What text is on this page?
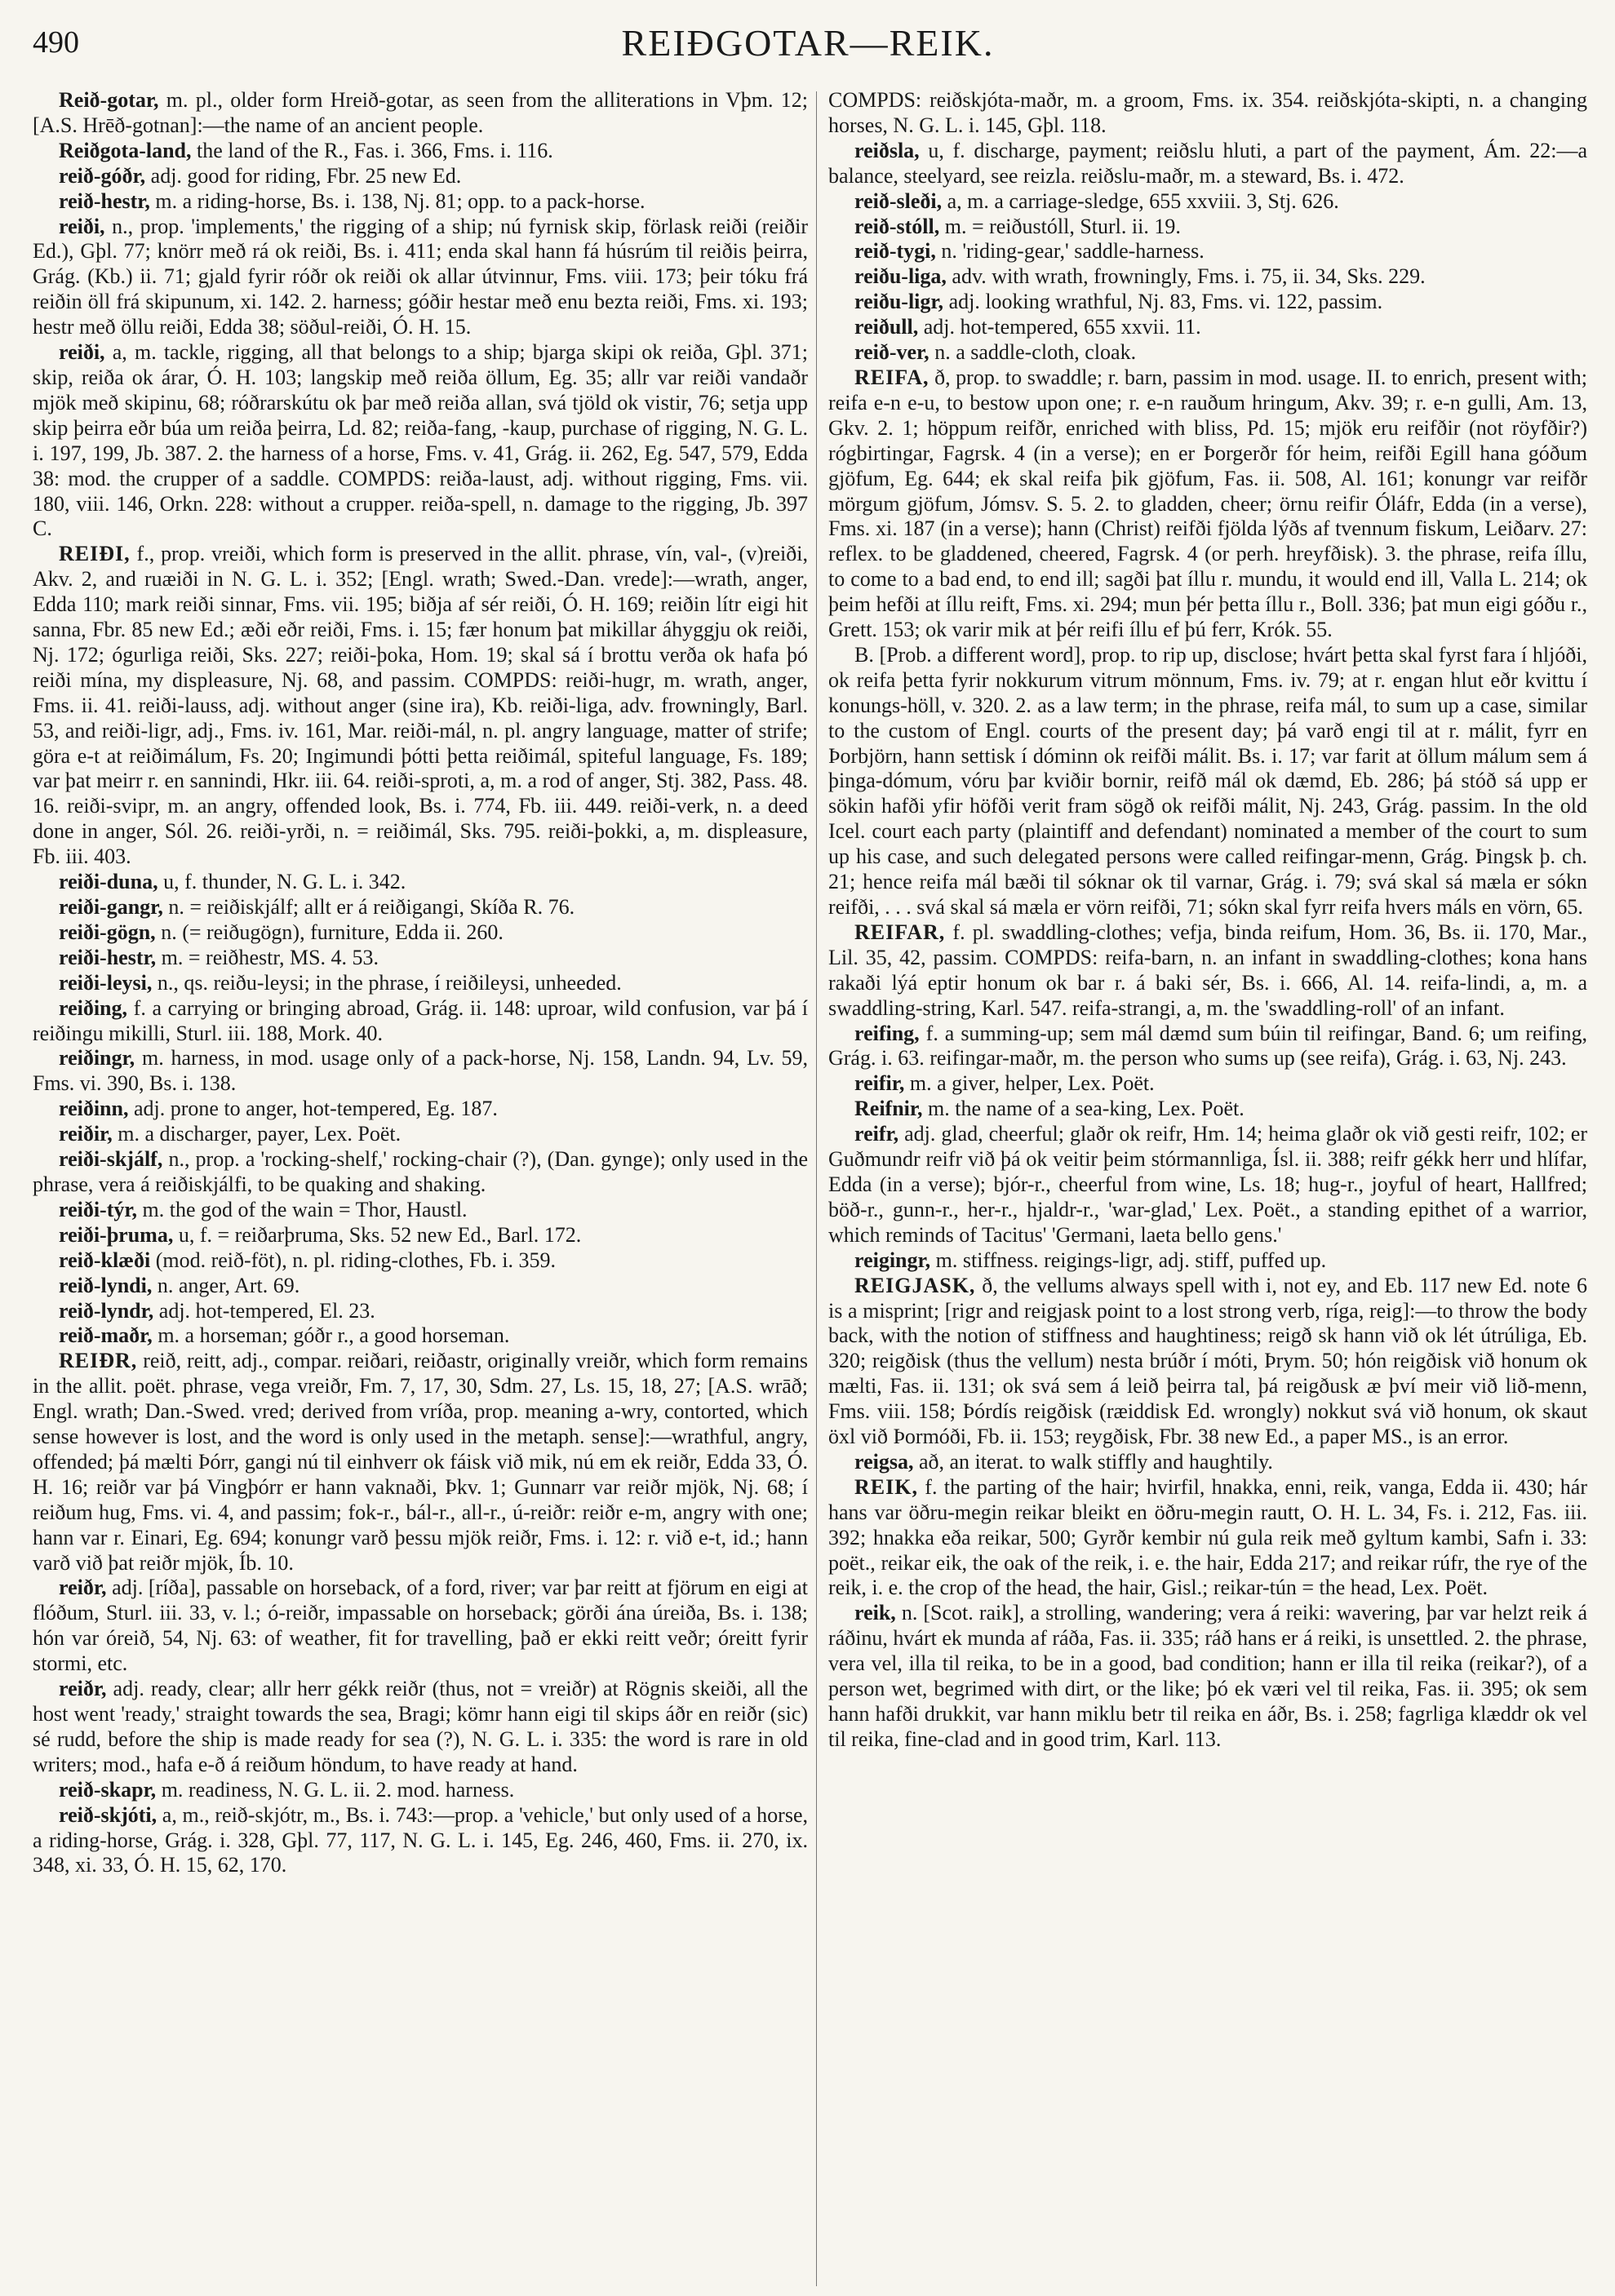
490	REIÐGOTAR—REIK.

Reið-gotar, m. pl., older form Hreið-gotar, as seen from the alliterations in Vþm. 12; [A.S. Hrēð-gotnan]:—the name of an ancient people.

Reiðgota-land, the land of the R., Fas. i. 366, Fms. i. 116.

reið-góðr, adj. good for riding, Fbr. 25 new Ed.

reið-hestr, m. a riding-horse, Bs. i. 138, Nj. 81; opp. to a pack-horse.

reiði, n., prop. 'implements,' the rigging of a ship; nú fyrnisk skip, förlask reiði (reiðir Ed.), Gþl. 77; knörr með rá ok reiði, Bs. i. 411; enda skal hann fá húsrúm til reiðis þeirra, Grág. (Kb.) ii. 71; gjald fyrir róðr ok reiði ok allar útvinnur, Fms. viii. 173; þeir tóku frá reiðin öll frá skipunum, xi. 142. 2. harness; góðir hestar með enu bezta reiði, Fms. xi. 193; hestr með öllu reiði, Edda 38; söðul-reiði, Ó. H. 15.

reiði, a, m. tackle, rigging, all that belongs to a ship; bjarga skipi ok reiða, Gþl. 371; skip, reiða ok árar, Ó. H. 103; langskip með reiða öllum, Eg. 35; allr var reiði vandaðr mjök með skipinu, 68; róðrarskútu ok þar með reiða allan, svá tjöld ok vistir, 76; setja upp skip þeirra eðr búa um reiða þeirra, Ld. 82; reiða-fang, -kaup, purchase of rigging, N. G. L. i. 197, 199, Jb. 387. 2. the harness of a horse, Fms. v. 41, Grág. ii. 262, Eg. 547, 579, Edda 38: mod. the crupper of a saddle. COMPDS: reiða-laust, adj. without rigging, Fms. vii. 180, viii. 146, Orkn. 228: without a crupper. reiða-spell, n. damage to the rigging, Jb. 397 C.

REIÐI, f., prop. vreiði, which form is preserved in the allit. phrase, vín, val-, (v)reiði, Akv. 2, and ruæiði in N. G. L. i. 352; [Engl. wrath; Swed.-Dan. vrede]:—wrath, anger, Edda 110; mark reiði sinnar, Fms. vii. 195; biðja af sér reiði, Ó. H. 169; reiðin lítr eigi hit sanna, Fbr. 85 new Ed.; æði eðr reiði, Fms. i. 15; fær honum þat mikillar áhyggju ok reiði, Nj. 172; ógurliga reiði, Sks. 227; reiði-þoka, Hom. 19; skal sá í brottu verða ok hafa þó reiði mína, my displeasure, Nj. 68, and passim. COMPDS: reiði-hugr, m. wrath, anger, Fms. ii. 41. reiði-lauss, adj. without anger (sine ira), Kb. reiði-liga, adv. frowningly, Barl. 53, and reiði-ligr, adj., Fms. iv. 161, Mar. reiði-mál, n. pl. angry language, matter of strife; göra e-t at reiðimálum, Fs. 20; Ingimundi þótti þetta reiðimál, spiteful language, Fs. 189; var þat meirr r. en sannindi, Hkr. iii. 64. reiði-sproti, a, m. a rod of anger, Stj. 382, Pass. 48. 16. reiði-svipr, m. an angry, offended look, Bs. i. 774, Fb. iii. 449. reiði-verk, n. a deed done in anger, Sól. 26. reiði-yrði, n. = reiðimál, Sks. 795. reiði-þokki, a, m. displeasure, Fb. iii. 403.

reiði-duna, u, f. thunder, N. G. L. i. 342.

reiði-gangr, n. = reiðiskjálf; allt er á reiðigangi, Skíða R. 76.

reiði-gögn, n. (= reiðugögn), furniture, Edda ii. 260.

reiði-hestr, m. = reiðhestr, MS. 4. 53.

reiði-leysi, n., qs. reiðu-leysi; in the phrase, í reiðileysi, unheeded.

reiðing, f. a carrying or bringing abroad, Grág. ii. 148: uproar, wild confusion, var þá í reiðingu mikilli, Sturl. iii. 188, Mork. 40.

reiðingr, m. harness, in mod. usage only of a pack-horse, Nj. 158, Landn. 94, Lv. 59, Fms. vi. 390, Bs. i. 138.

reiðinn, adj. prone to anger, hot-tempered, Eg. 187.

reiðir, m. a discharger, payer, Lex. Poët.

reiði-skjálf, n., prop. a 'rocking-shelf,' rocking-chair (?), (Dan. gynge); only used in the phrase, vera á reiðiskjálfi, to be quaking and shaking.

reiði-týr, m. the god of the wain = Thor, Haustl.

reiði-þruma, u, f. = reiðarþruma, Sks. 52 new Ed., Barl. 172.

reið-klæði (mod. reið-föt), n. pl. riding-clothes, Fb. i. 359.

reið-lyndi, n. anger, Art. 69.

reið-lyndr, adj. hot-tempered, El. 23.

reið-maðr, m. a horseman; góðr r., a good horseman.

REIÐR, reið, reitt, adj., compar. reiðari, reiðastr, originally vreiðr, which form remains in the allit. poët. phrase, vega vreiðr, Fm. 7, 17, 30, Sdm. 27, Ls. 15, 18, 27; [A.S. wrāð; Engl. wrath; Dan.-Swed. vred; derived from vríða, prop. meaning a-wry, contorted, which sense however is lost, and the word is only used in the metaph. sense]:—wrathful, angry, offended; þá mælti Þórr, gangi nú til einhverr ok fáisk við mik, nú em ek reiðr, Edda 33, Ó. H. 16; reiðr var þá Vingþórr er hann vaknaði, Þkv. 1; Gunnarr var reiðr mjök, Nj. 68; í reiðum hug, Fms. vi. 4, and passim; fok-r., bál-r., all-r., ú-reiðr: reiðr e-m, angry with one; hann var r. Einari, Eg. 694; konungr varð þessu mjök reiðr, Fms. i. 12: r. við e-t, id.; hann varð við þat reiðr mjök, Íb. 10.

reiðr, adj. [ríða], passable on horseback, of a ford, river; var þar reitt at fjörum en eigi at flóðum, Sturl. iii. 33, v. l.; ó-reiðr, impassable on horseback; görði ána úreiða, Bs. i. 138; hón var óreið, 54, Nj. 63: of weather, fit for travelling, það er ekki reitt veðr; óreitt fyrir stormi, etc.

reiðr, adj. ready, clear; allr herr gékk reiðr (thus, not = vreiðr) at Rögnis skeiði, all the host went 'ready,' straight towards the sea, Bragi; kömr hann eigi til skips áðr en reiðr (sic) sé rudd, before the ship is made ready for sea (?), N. G. L. i. 335: the word is rare in old writers; mod., hafa e-ð á reiðum höndum, to have ready at hand.

reið-skapr, m. readiness, N. G. L. ii. 2. mod. harness.

reið-skjóti, a, m., reið-skjótr, m., Bs. i. 743:—prop. a 'vehicle,' but only used of a horse, a riding-horse, Grág. i. 328, Gþl. 77, 117, N. G. L. i. 145, Eg. 246, 460, Fms. ii. 270, ix. 348, xi. 33, Ó. H. 15, 62, 170.

COMPDS: reiðskjóta-maðr, m. a groom, Fms. ix. 354. reiðskjóta-skipti, n. a changing horses, N. G. L. i. 145, Gþl. 118.

reiðsla, u, f. discharge, payment; reiðslu hluti, a part of the payment, Ám. 22:—a balance, steelyard, see reizla. reiðslu-maðr, m. a steward, Bs. i. 472.

reið-sleði, a, m. a carriage-sledge, 655 xxviii. 3, Stj. 626.

reið-stóll, m. = reiðustóll, Sturl. ii. 19.

reið-tygi, n. 'riding-gear,' saddle-harness.

reiðu-liga, adv. with wrath, frowningly, Fms. i. 75, ii. 34, Sks. 229.

reiðu-ligr, adj. looking wrathful, Nj. 83, Fms. vi. 122, passim.

reiðull, adj. hot-tempered, 655 xxvii. 11.

reið-ver, n. a saddle-cloth, cloak.

REIFA, ð, prop. to swaddle; r. barn, passim in mod. usage. II. to enrich, present with; reifa e-n e-u, to bestow upon one; r. e-n rauðum hringum, Akv. 39; r. e-n gulli, Am. 13, Gkv. 2. 1; höppum reifðr, enriched with bliss, Pd. 15; mjök eru reifðir (not röyfðir?) rógbirtingar, Fagrsk. 4 (in a verse); en er Þorgerðr fór heim, reifði Egill hana góðum gjöfum, Eg. 644; ek skal reifa þik gjöfum, Fas. ii. 508, Al. 161; konungr var reifðr mörgum gjöfum, Jómsv. S. 5. 2. to gladden, cheer; örnu reifir Óláfr, Edda (in a verse), Fms. xi. 187 (in a verse); hann (Christ) reifði fjölda lýðs af tvennum fiskum, Leiðarv. 27: reflex. to be gladdened, cheered, Fagrsk. 4 (or perh. hreyfðisk). 3. the phrase, reifa íllu, to come to a bad end, to end ill; sagði þat íllu r. mundu, it would end ill, Valla L. 214; ok þeim hefði at íllu reift, Fms. xi. 294; mun þér þetta íllu r., Boll. 336; þat mun eigi góðu r., Grett. 153; ok varir mik at þér reifi íllu ef þú ferr, Krók. 55.

B. [Prob. a different word], prop. to rip up, disclose; hvárt þetta skal fyrst fara í hljóði, ok reifa þetta fyrir nokkurum vitrum mönnum, Fms. iv. 79; at r. engan hlut eðr kvittu í konungs-höll, v. 320. 2. as a law term; in the phrase, reifa mál, to sum up a case, similar to the custom of Engl. courts of the present day; þá varð engi til at r. málit, fyrr en Þorbjörn, hann settisk í dóminn ok reifði málit. Bs. i. 17; var farit at öllum málum sem á þinga-dómum, vóru þar kviðir bornir, reifð mál ok dæmd, Eb. 286; þá stóð sá upp er sökin hafði yfir höfði verit fram sögð ok reifði málit, Nj. 243, Grág. passim. In the old Icel. court each party (plaintiff and defendant) nominated a member of the court to sum up his case, and such delegated persons were called reifingar-menn, Grág. Þingsk þ. ch. 21; hence reifa mál bæði til sóknar ok til varnar, Grág. i. 79; svá skal sá mæla er sókn reifði, . . . svá skal sá mæla er vörn reifði, 71; sókn skal fyrr reifa hvers máls en vörn, 65.

REIFAR, f. pl. swaddling-clothes; vefja, binda reifum, Hom. 36, Bs. ii. 170, Mar., Lil. 35, 42, passim. COMPDS: reifa-barn, n. an infant in swaddling-clothes; kona hans rakaði lýá eptir honum ok bar r. á baki sér, Bs. i. 666, Al. 14. reifa-lindi, a, m. a swaddling-string, Karl. 547. reifa-strangi, a, m. the 'swaddling-roll' of an infant.

reifing, f. a summing-up; sem mál dæmd sum búin til reifingar, Band. 6; um reifing, Grág. i. 63. reifingar-maðr, m. the person who sums up (see reifa), Grág. i. 63, Nj. 243.

reifir, m. a giver, helper, Lex. Poët.

Reifnir, m. the name of a sea-king, Lex. Poët.

reifr, adj. glad, cheerful; glaðr ok reifr, Hm. 14; heima glaðr ok við gesti reifr, 102; er Guðmundr reifr við þá ok veitir þeim stórmannliga, Ísl. ii. 388; reifr gékk herr und hlífar, Edda (in a verse); bjór-r., cheerful from wine, Ls. 18; hug-r., joyful of heart, Hallfred; böð-r., gunn-r., her-r., hjaldr-r., 'war-glad,' Lex. Poët., a standing epithet of a warrior, which reminds of Tacitus' 'Germani, laeta bello gens.'

reigingr, m. stiffness. reigings-ligr, adj. stiff, puffed up.

REIGJASK, ð, the vellums always spell with i, not ey, and Eb. 117 new Ed. note 6 is a misprint; [rigr and reigjask point to a lost strong verb, ríga, reig]:—to throw the body back, with the notion of stiffness and haughtiness; reigð sk hann við ok lét útrúliga, Eb. 320; reigðisk (thus the vellum) nesta brúðr í móti, Þrym. 50; hón reigðisk við honum ok mælti, Fas. ii. 131; ok svá sem á leið þeirra tal, þá reigðusk æ því meir við lið-menn, Fms. viii. 158; Þórdís reigðisk (ræiddisk Ed. wrongly) nokkut svá við honum, ok skaut öxl við Þormóði, Fb. ii. 153; reygðisk, Fbr. 38 new Ed., a paper MS., is an error.

reigsa, að, an iterat. to walk stiffly and haughtily.

REIK, f. the parting of the hair; hvirfil, hnakka, enni, reik, vanga, Edda ii. 430; hár hans var öðru-megin reikar bleikt en öðru-megin rautt, O. H. L. 34, Fs. i. 212, Fas. iii. 392; hnakka eða reikar, 500; Gyrðr kembir nú gula reik með gyltum kambi, Safn i. 33: poët., reikar eik, the oak of the reik, i. e. the hair, Edda 217; and reikar rúfr, the rye of the reik, i. e. the crop of the head, the hair, Gisl.; reikar-tún = the head, Lex. Poët.

reik, n. [Scot. raik], a strolling, wandering; vera á reiki: wavering, þar var helzt reik á ráðinu, hvárt ek munda af ráða, Fas. ii. 335; ráð hans er á reiki, is unsettled. 2. the phrase, vera vel, illa til reika, to be in a good, bad condition; hann er illa til reika (reikar?), of a person wet, begrimed with dirt, or the like; þó ek væri vel til reika, Fas. ii. 395; ok sem hann hafði drukkit, var hann miklu betr til reika en áðr, Bs. i. 258; fagrliga klæddr ok vel til reika, fine-clad and in good trim, Karl. 113.
